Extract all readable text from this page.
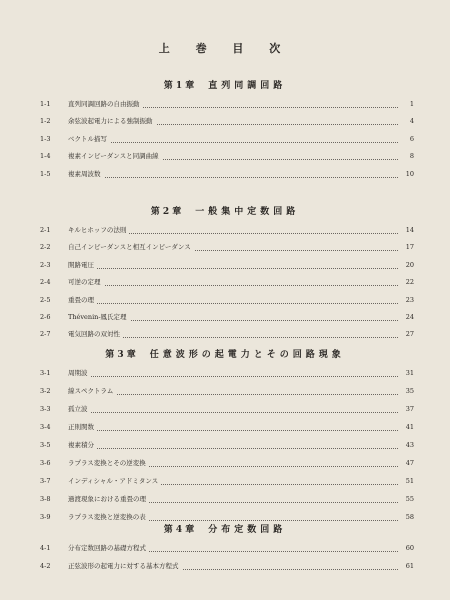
上 巻 目 次
第 1 章 直列同調回路
1-1	直列同調回路の自由振動	1
1-2	余弦波起電力による強制振動	4
1-3	ベクトル描写	6
1-4	複素インピーダンスと同調曲線	8
1-5	複素周波数	10
第 2 章 一般集中定数回路
2-1	キルヒホッフの法則	14
2-2	自己インピーダンスと相互インピーダンス	17
2-3	開路電圧	20
2-4	可逆の定理	22
2-5	重畳の理	23
2-6	Thévenin-鳳氏定理	24
2-7	電気回路の双対性	27
第 3 章 任意波形の起電力とその回路現象
3-1	周期波	31
3-2	線スペクトラム	35
3-3	孤立波	37
3-4	正則関数	41
3-5	複素積分	43
3-6	ラプラス変換とその逆変換	47
3-7	インディシャル・アドミタンス	51
3-8	過渡現象における重畳の理	55
3-9	ラプラス変換と逆変換の表	58
第 4 章 分布定数回路
4-1	分布定数回路の基礎方程式	60
4-2	正弦波形の起電力に対する基本方程式	61
